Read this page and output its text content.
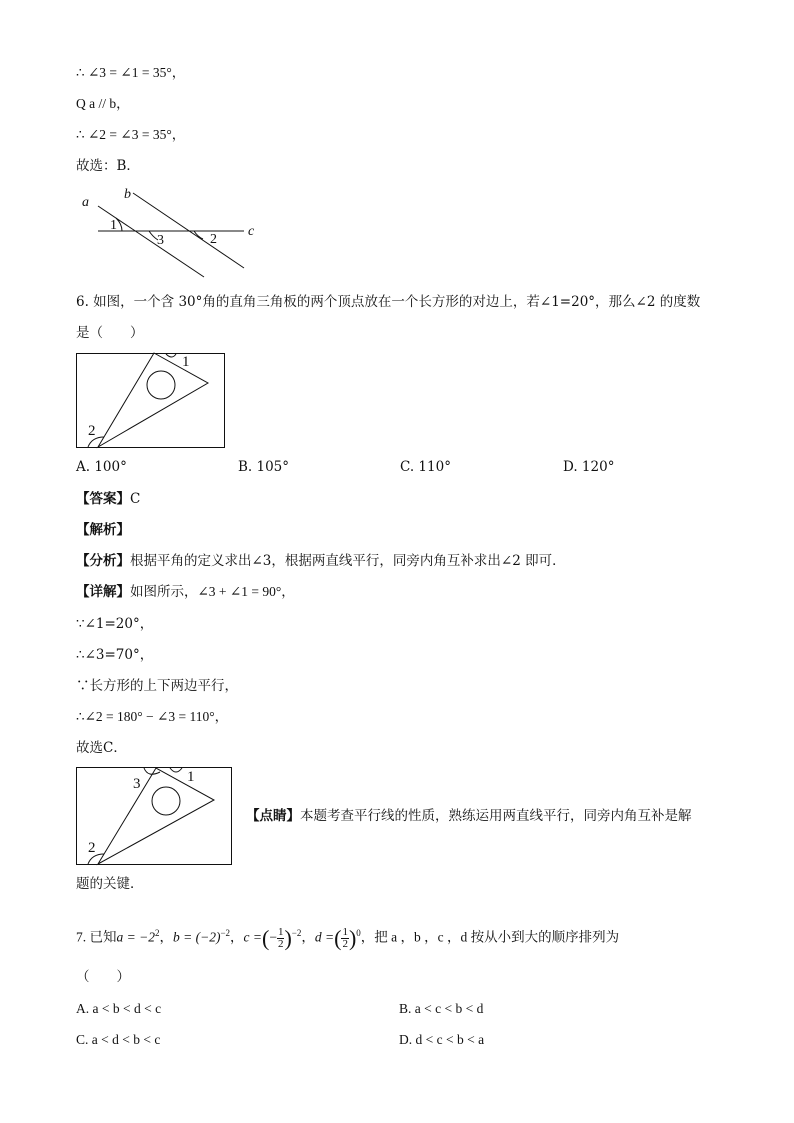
∴ ∠3 = ∠1 = 35°，
Q a // b，
∴ ∠2 = ∠3 = 35°，
故选：B．
a
b
c
1
3	2
6. 如图，一个含 30°角的直角三角板的两个顶点放在一个长方形的对边上，若∠1=20°，那么∠2 的度数
是（　　）
1
2
A. 100°	B. 105°	C. 110°	D. 120°
【答案】C
【解析】
【分析】根据平角的定义求出∠3，根据两直线平行，同旁内角互补求出∠2 即可．
【详解】如图所示，∠3 + ∠1 = 90°，
∵∠1=20°，
∴∠3=70°，
∵长方形的上下两边平行，
∴∠2 = 180° − ∠3 = 110°，
故选C．
3	1
2
【点睛】本题考查平行线的性质，熟练运用两直线平行，同旁内角互补是解
题的关键．
7. 已知$a = -2^2$，$b = (-2)^{-2}$，c =(− $\frac{1}{2} )^{-2}$，d =( $\frac{1}{2} )^0$，把 a ，b ，c ，d 按从小到大的顺序排列为
（　　）
A. a < b < d < c	B. a < c < b < d
C. a < d < b < c	D. d < c < b < a
